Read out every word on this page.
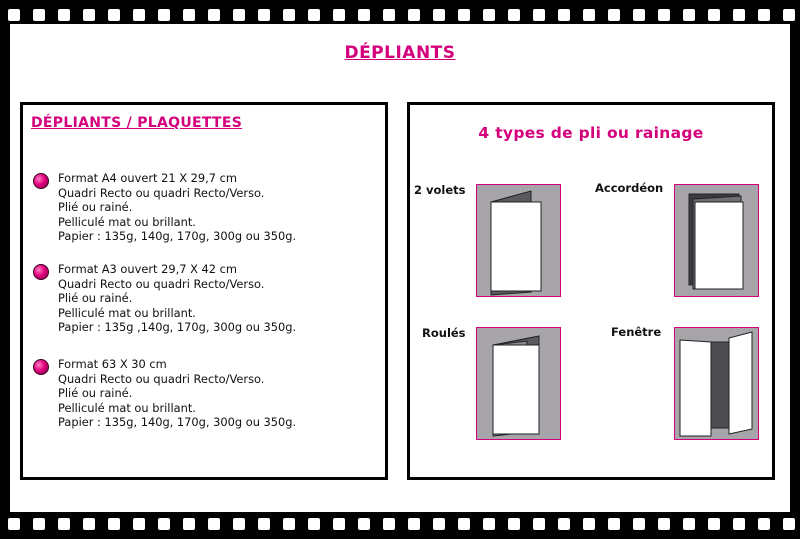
DÉPLIANTS
DÉPLIANTS / PLAQUETTES
Format A4 ouvert 21 X 29,7 cm
Quadri Recto ou quadri Recto/Verso.
Plié ou rainé.
Pelliculé mat ou brillant.
Papier : 135g, 140g, 170g, 300g ou 350g.
Format A3 ouvert 29,7 X 42 cm
Quadri Recto ou quadri Recto/Verso.
Plié ou rainé.
Pelliculé mat ou brillant.
Papier : 135g ,140g, 170g, 300g ou 350g.
Format 63 X 30 cm
Quadri Recto ou quadri Recto/Verso.
Plié ou rainé.
Pelliculé mat ou brillant.
Papier : 135g, 140g, 170g, 300g ou 350g.
4 types de pli ou rainage
2 volets	Accordéon
Roulés	Fenêtre
